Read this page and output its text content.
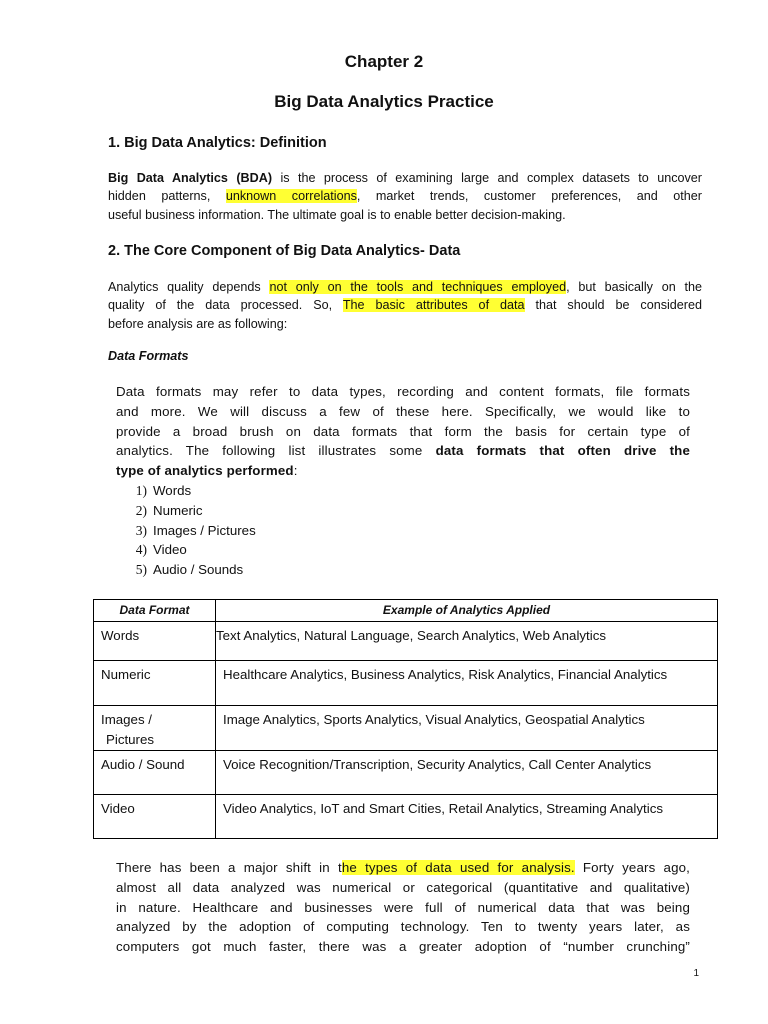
Chapter 2
Big Data Analytics Practice
1. Big Data Analytics: Definition
Big Data Analytics (BDA) is the process of examining large and complex datasets to uncover
hidden patterns, unknown correlations, market trends, customer preferences, and other
useful business information. The ultimate goal is to enable better decision-making.
2. The Core Component of Big Data Analytics- Data
Analytics quality depends not only on the tools and techniques employed, but basically on the
quality of the data processed. So, The basic attributes of data that should be considered
before analysis are as following:
Data Formats
Data formats may refer to data types, recording and content formats, file formats
and more. We will discuss a few of these here. Specifically, we would like to
provide a broad brush on data formats that form the basis for certain type of
analytics. The following list illustrates some data formats that often drive the
type of analytics performed:
1) Words
2) Numeric
3) Images / Pictures
4) Video
5) Audio / Sounds
Data Format	Example of Analytics Applied
Words	Text Analytics, Natural Language, Search Analytics, Web Analytics

Numeric	Healthcare Analytics, Business Analytics, Risk Analytics, Financial Analytics

Images /
Pictures	Image Analytics, Sports Analytics, Visual Analytics, Geospatial Analytics

Audio / Sound	Voice Recognition/Transcription, Security Analytics, Call Center Analytics

Video	Video Analytics, IoT and Smart Cities, Retail Analytics, Streaming Analytics
There has been a major shift in the types of data used for analysis. Forty years ago,
almost all data analyzed was numerical or categorical (quantitative and qualitative)
in nature. Healthcare and businesses were full of numerical data that was being
analyzed by the adoption of computing technology. Ten to twenty years later, as
computers got much faster, there was a greater adoption of “number crunching”
1
